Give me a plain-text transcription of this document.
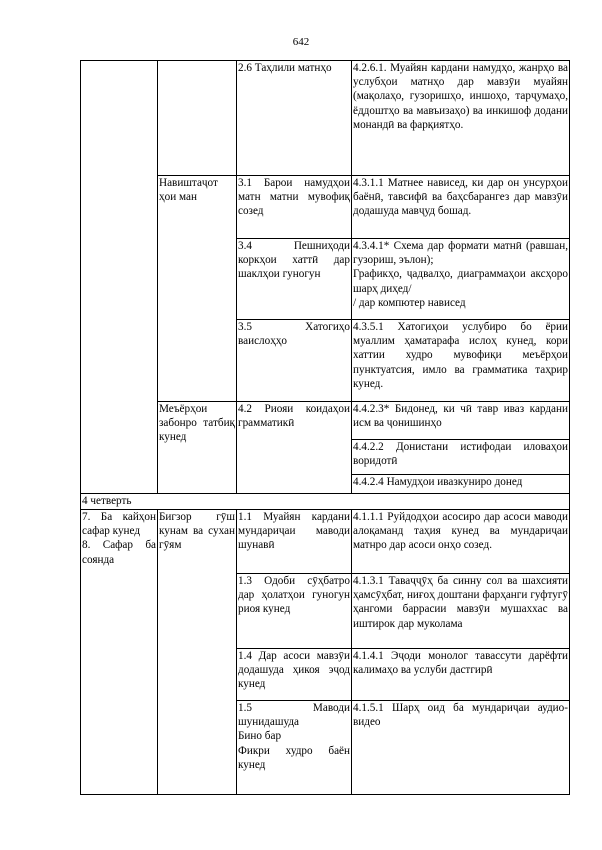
642
		2.6 Таҳлили матнҳо	4.2.6.1. Муайян кардани намудҳо, жанрҳо ва услубҳои матнҳо дар мавзӯи муайян (мақолаҳо, гузоришҳо, иншоҳо, тарҷумаҳо, ёддоштҳо ва мавъизаҳо) ва инкишоф додани монандӣ ва фарқиятҳо.
	Навиштаҷот ҳои ман	3.1 Барои намудҳои матн матни мувофиқ созед	4.3.1.1 Матнее нависед, ки дар он унсурҳои баёнӣ, тавсифӣ ва баҳсбарангез дар мавзӯи додашуда мавҷуд бошад.
		3.4 Пешниҳоди коркҳои хаттӣ дар шаклҳои гуногун	4.3.4.1* Схема дар формати матнӣ (равшан, гузориш, эълон);
Графикҳо, ҷадвалҳо, диаграммаҳои аксҳоро шарҳ диҳед/
/ дар компютер нависед

		3.5 Хатогиҳо ваислоҳҳо	4.3.5.1 Хатогиҳои услубиро бо ёрии муаллим ҳаматарафа ислоҳ кунед, кори хаттии худро мувофиқи меъёрҳои пунктуатсия, имло ва грамматика таҳрир кунед.
	Меъёрҳои забонро татбиқ кунед	4.2 Риояи коидаҳои грамматикӣ	4.4.2.3* Бидонед, ки чӣ тавр иваз кардани исм ва ҷонишинҳо
			4.4.2.2 Донистани истифодаи иловаҳои воридотӣ
			4.4.2.4 Намудҳои ивазкуниро донед
4 четверть			

7. Ба кайҳон сафар кунед
8. Сафар ба сояндa	Бигзор гӯш кунам ва сухан гӯям	1.1 Муайян кардани мундариҷаи маводи шунавӣ	4.1.1.1 Руйдодҳои асосиро дар асоси маводи алоқаманд таҳия кунед ва мундариҷаи матнро дар асоси онҳо созед.
		1.3 Одоби сӯҳбатро дар ҳолатҳои гуногун риоя кунед	4.1.3.1 Таваҷҷӯҳ ба синну сол ва шахсияти ҳамсӯҳбат, ниғоҳ доштани фарҳанги гуфтугӯ ҳангоми баррасии мавзӯи мушаххас ва иштирок дар муколама
		1.4 Дар асоси мавзӯи додашуда ҳикоя эҷод кунед	4.1.4.1 Эҷоди монолог тавассути дарёфти калимаҳо ва услуби дастгирӣ

		1.5 Маводи шунидашуда
Бино бар
Фикри худро баён кунед	4.1.5.1 Шарҳ оид ба мундариҷаи аудио-видео
